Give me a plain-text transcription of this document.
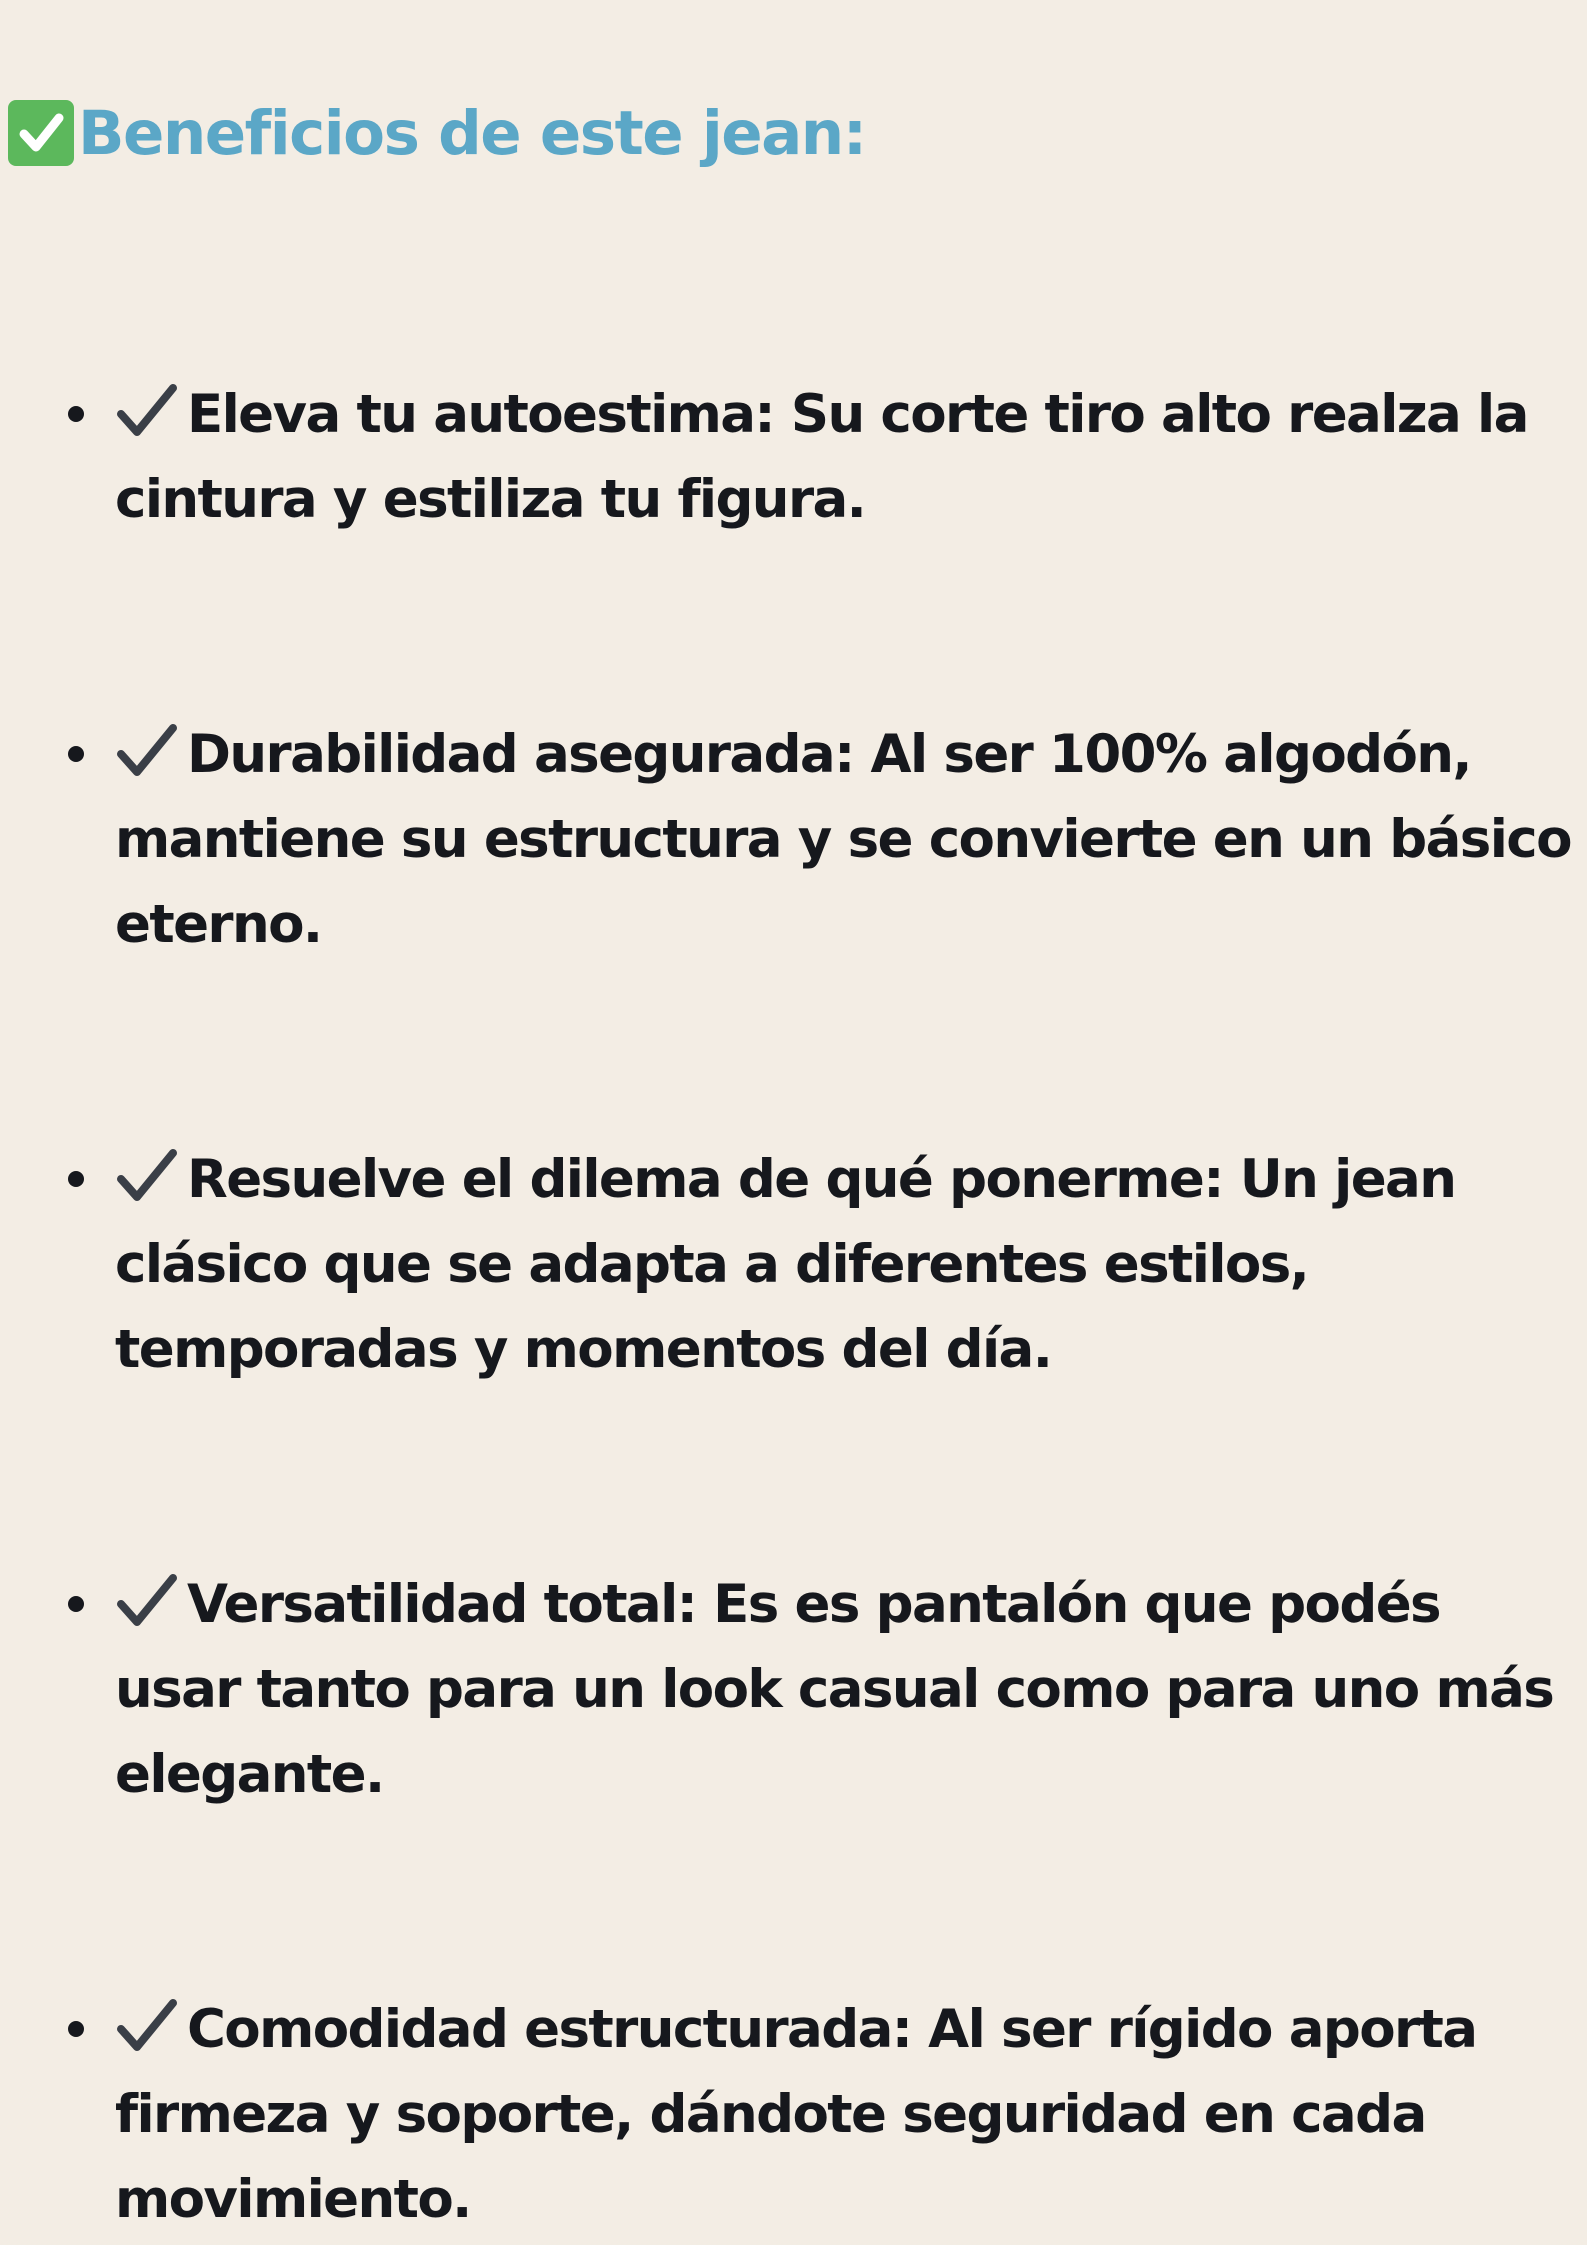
Beneficios de este jean:
Eleva tu autoestima: Su corte tiro alto realza la cintura y estiliza tu figura.
Durabilidad asegurada: Al ser 100% algodón, mantiene su estructura y se convierte en un básico eterno.
Resuelve el dilema de qué ponerme: Un jean clásico que se adapta a diferentes estilos, temporadas y momentos del día.
Versatilidad total: Es es pantalón que podés usar tanto para un look casual como para uno más elegante.
Comodidad estructurada: Al ser rígido aporta firmeza y soporte, dándote seguridad en cada movimiento.
